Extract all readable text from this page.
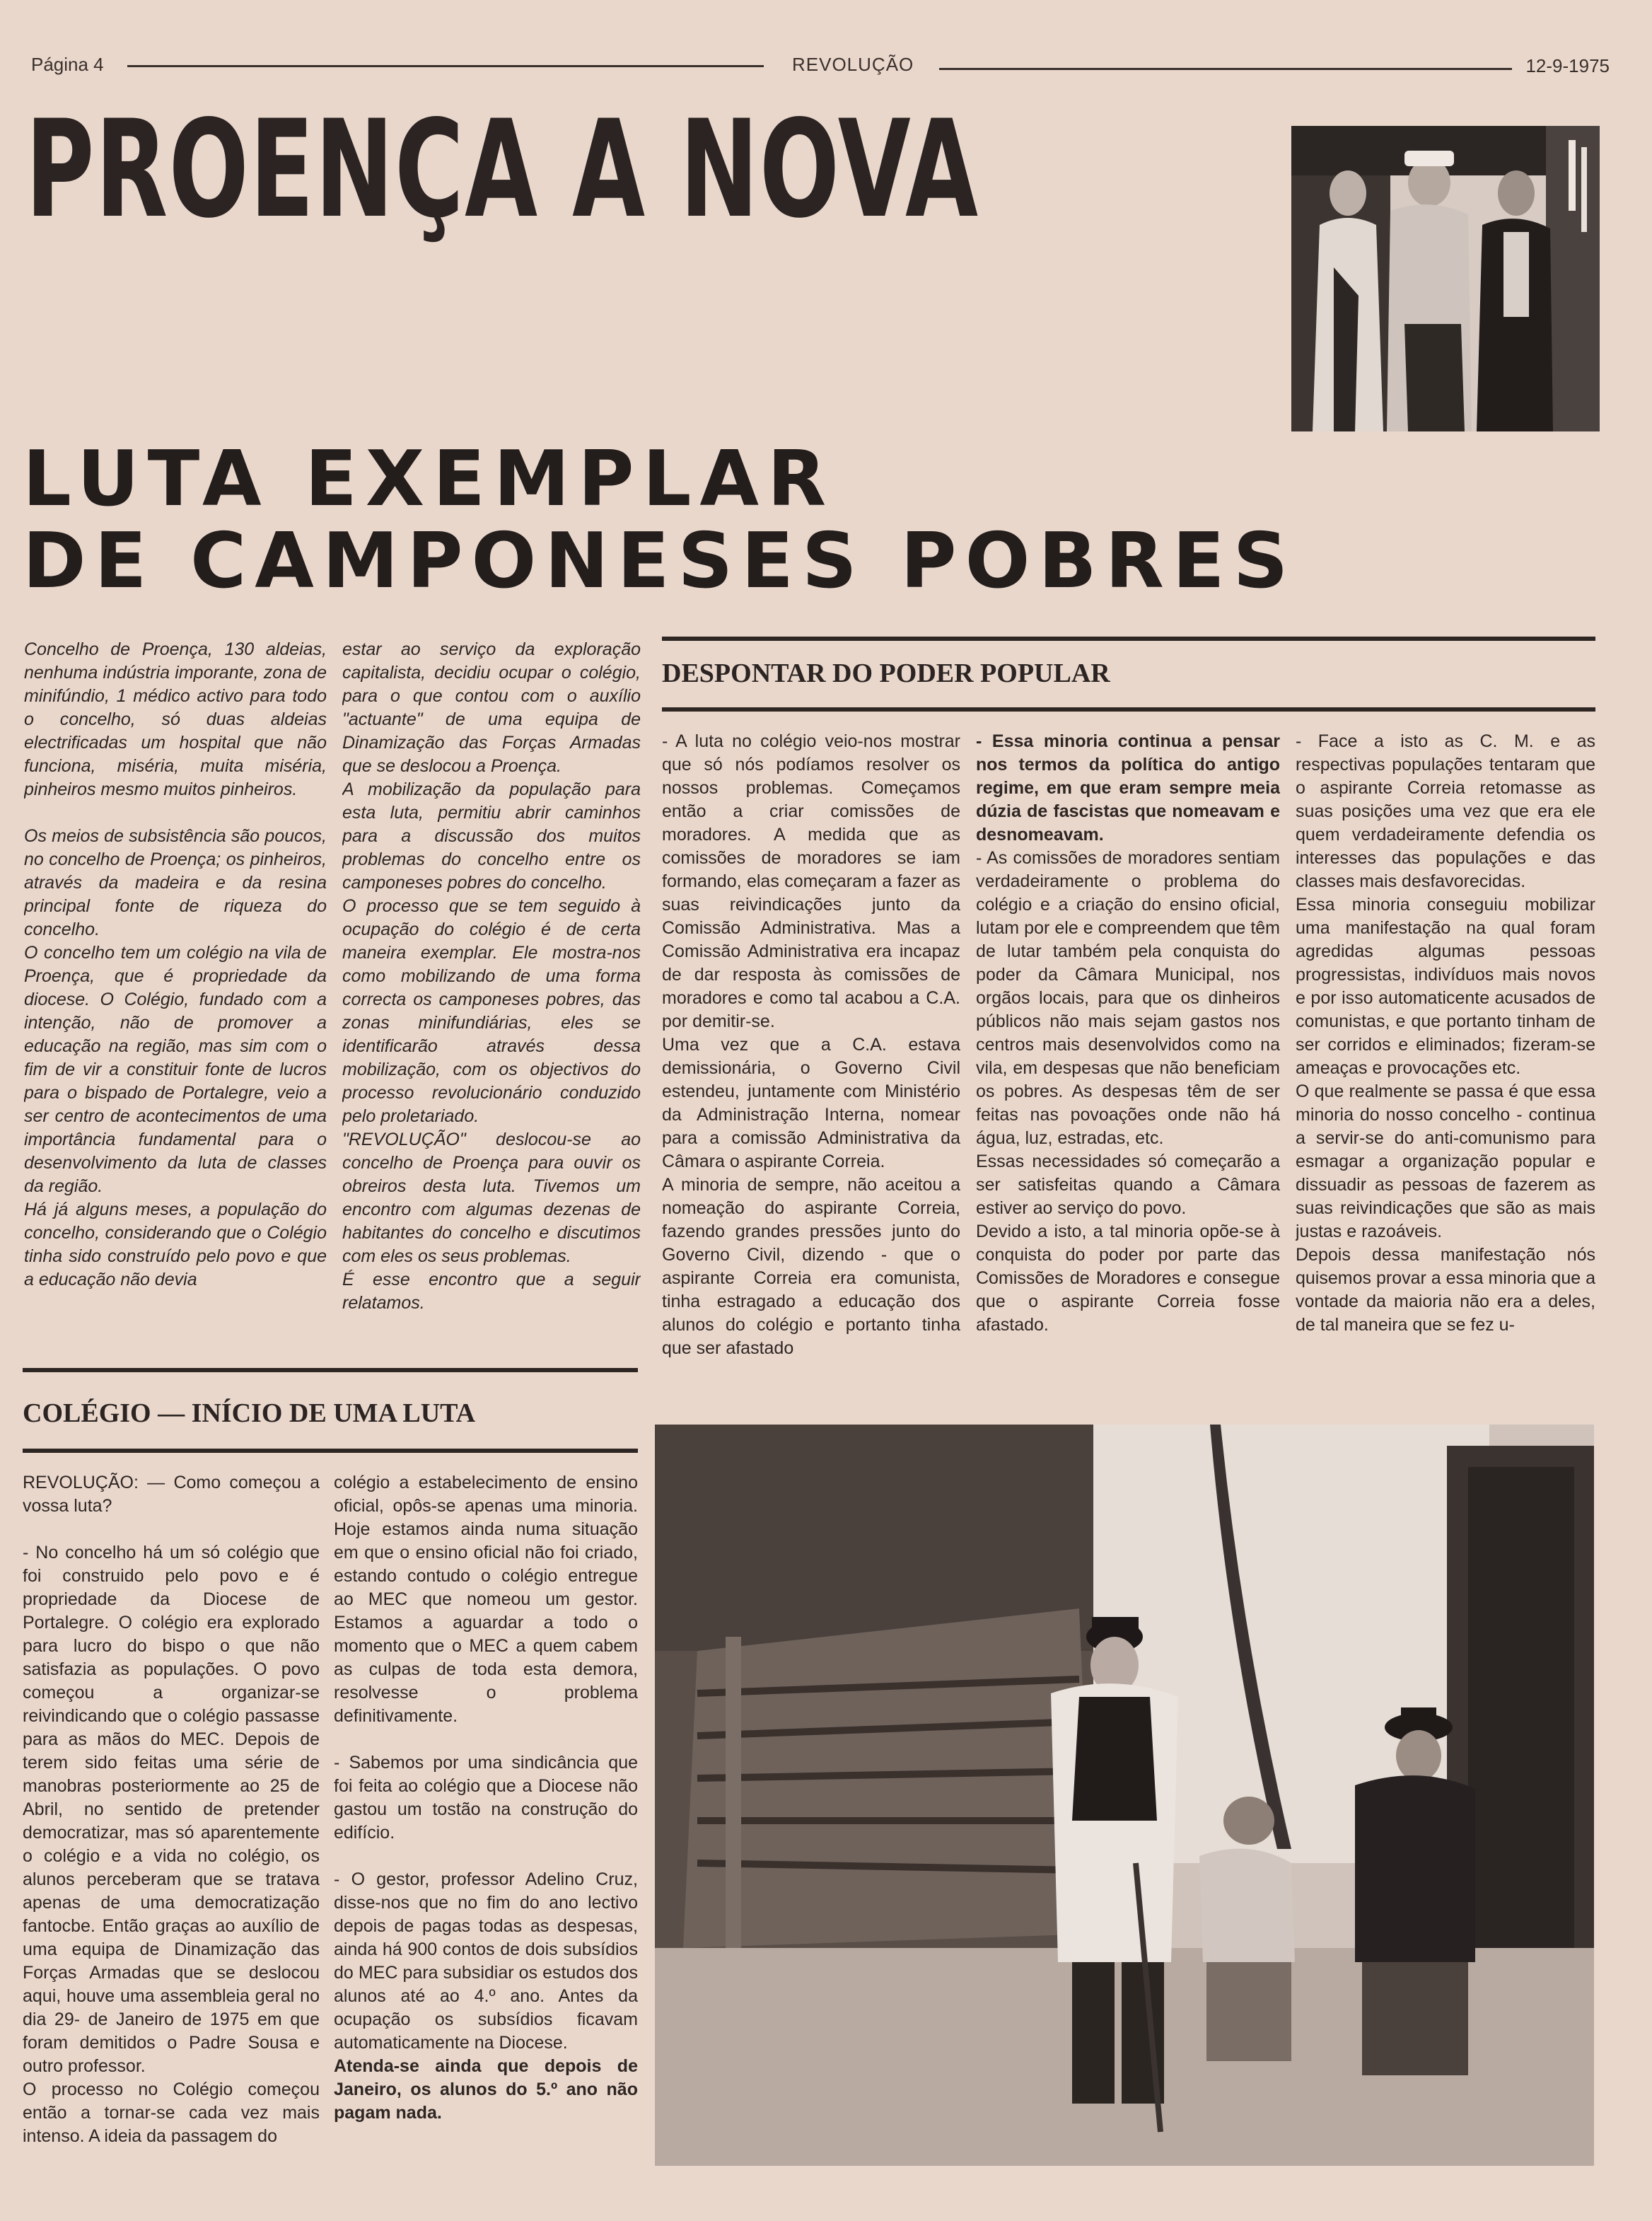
Página 4	REVOLUÇÃO	12-9-1975
PROENÇA A NOVA

LUTA EXEMPLAR
DE CAMPONESES POBRES

Concelho de Proença, 130 aldeias, nenhuma indústria imporante, zona de minifúndio, 1 médico activo para todo o concelho, só duas aldeias electrificadas um hospital que não funciona, miséria, muita miséria, pinheiros mesmo muitos pinheiros.

Os meios de subsistência são poucos, no concelho de Proença; os pinheiros, através da madeira e da resina principal fonte de riqueza do concelho.

O concelho tem um colégio na vila de Proença, que é propriedade da diocese. O Colégio, fundado com a intenção, não de promover a educação na região, mas sim com o fim de vir a constituir fonte de lucros para o bispado de Portalegre, veio a ser centro de acontecimentos de uma importância fundamental para o desenvolvimento da luta de classes da região.

Há já alguns meses, a população do concelho, considerando que o Colégio tinha sido construído pelo povo e que a educação não devia

estar ao serviço da exploração capitalista, decidiu ocupar o colégio, para o que contou com o auxílio "actuante" de uma equipa de Dinamização das Forças Armadas que se deslocou a Proença.

A mobilização da população para esta luta, permitiu abrir caminhos para a discussão dos muitos problemas do concelho entre os camponeses pobres do concelho.

O processo que se tem seguido à ocupação do colégio é de certa maneira exemplar. Ele mostra-nos como mobilizando de uma forma correcta os camponeses pobres, das zonas minifundiárias, eles se identificarão através dessa mobilização, com os objectivos do processo revolucionário conduzido pelo proletariado.

"REVOLUÇÃO" deslocou-se ao concelho de Proença para ouvir os obreiros desta luta. Tivemos um encontro com algumas dezenas de habitantes do concelho e discutimos com eles os seus problemas.

É esse encontro que a seguir relatamos.

DESPONTAR DO PODER POPULAR

- A luta no colégio veio-nos mostrar que só nós podíamos resolver os nossos problemas. Começamos então a criar comissões de moradores. A medida que as comissões de moradores se iam formando, elas começaram a fazer as suas reivindicações junto da Comissão Administrativa. Mas a Comissão Administrativa era incapaz de dar resposta às comissões de moradores e como tal acabou a C.A. por demitir-se.

Uma vez que a C.A. estava demissionária, o Governo Civil estendeu, juntamente com Ministério da Administração Interna, nomear para a comissão Administrativa da Câmara o aspirante Correia.

A minoria de sempre, não aceitou a nomeação do aspirante Correia, fazendo grandes pressões junto do Governo Civil, dizendo - que o aspirante Correia era comunista, tinha estragado a educação dos alunos do colégio e portanto tinha que ser afastado

- Essa minoria continua a pensar nos termos da política do antigo regime, em que eram sempre meia dúzia de fascistas que nomeavam e desnomeavam.

- As comissões de moradores sentiam verdadeiramente o problema do colégio e a criação do ensino oficial, lutam por ele e compreendem que têm de lutar também pela conquista do poder da Câmara Municipal, nos orgãos locais, para que os dinheiros públicos não mais sejam gastos nos centros mais desenvolvidos como na vila, em despesas que não beneficiam os pobres. As despesas têm de ser feitas nas povoações onde não há água, luz, estradas, etc.

Essas necessidades só começarão a ser satisfeitas quando a Câmara estiver ao serviço do povo.

Devido a isto, a tal minoria opõe-se à conquista do poder por parte das Comissões de Moradores e consegue que o aspirante Correia fosse afastado.

- Face a isto as C. M. e as respectivas populações tentaram que o aspirante Correia retomasse as suas posições uma vez que era ele quem verdadeiramente defendia os interesses das populações e das classes mais desfavorecidas.

Essa minoria conseguiu mobilizar uma manifestação na qual foram agredidas algumas pessoas progressistas, indivíduos mais novos e por isso automaticente acusados de comunistas, e que portanto tinham de ser corridos e eliminados; fizeram-se ameaças e provocações etc.

O que realmente se passa é que essa minoria do nosso concelho - continua a servir-se do anti-comunismo para esmagar a organização popular e dissuadir as pessoas de fazerem as suas reivindicações que são as mais justas e razoáveis.

Depois dessa manifestação nós quisemos provar a essa minoria que a vontade da maioria não era a deles, de tal maneira que se fez u-

COLÉGIO — INÍCIO DE UMA LUTA

REVOLUÇÃO: — Como começou a vossa luta?

- No concelho há um só colégio que foi construido pelo povo e é propriedade da Diocese de Portalegre. O colégio era explorado para lucro do bispo o que não satisfazia as populações. O povo começou a organizar-se reivindicando que o colégio passasse para as mãos do MEC. Depois de terem sido feitas uma série de manobras posteriormente ao 25 de Abril, no sentido de pretender democratizar, mas só aparentemente o colégio e a vida no colégio, os alunos perceberam que se tratava apenas de uma democratização fantocbe. Então graças ao auxílio de uma equipa de Dinamização das Forças Armadas que se deslocou aqui, houve uma assembleia geral no dia 29- de Janeiro de 1975 em que foram demitidos o Padre Sousa e outro professor.

O processo no Colégio começou então a tornar-se cada vez mais intenso. A ideia da passagem do

colégio a estabelecimento de ensino oficial, opôs-se apenas uma minoria. Hoje estamos ainda numa situação em que o ensino oficial não foi criado, estando contudo o colégio entregue ao MEC que nomeou um gestor. Estamos a aguardar a todo o momento que o MEC a quem cabem as culpas de toda esta demora, resolvesse o problema definitivamente.

- Sabemos por uma sindicância que foi feita ao colégio que a Diocese não gastou um tostão na construção do edifício.

- O gestor, professor Adelino Cruz, disse-nos que no fim do ano lectivo depois de pagas todas as despesas, ainda há 900 contos de dois subsídios do MEC para subsidiar os estudos dos alunos até ao 4.º ano. Antes da ocupação os subsídios ficavam automaticamente na Diocese.

Atenda-se ainda que depois de Janeiro, os alunos do 5.º ano não pagam nada.
